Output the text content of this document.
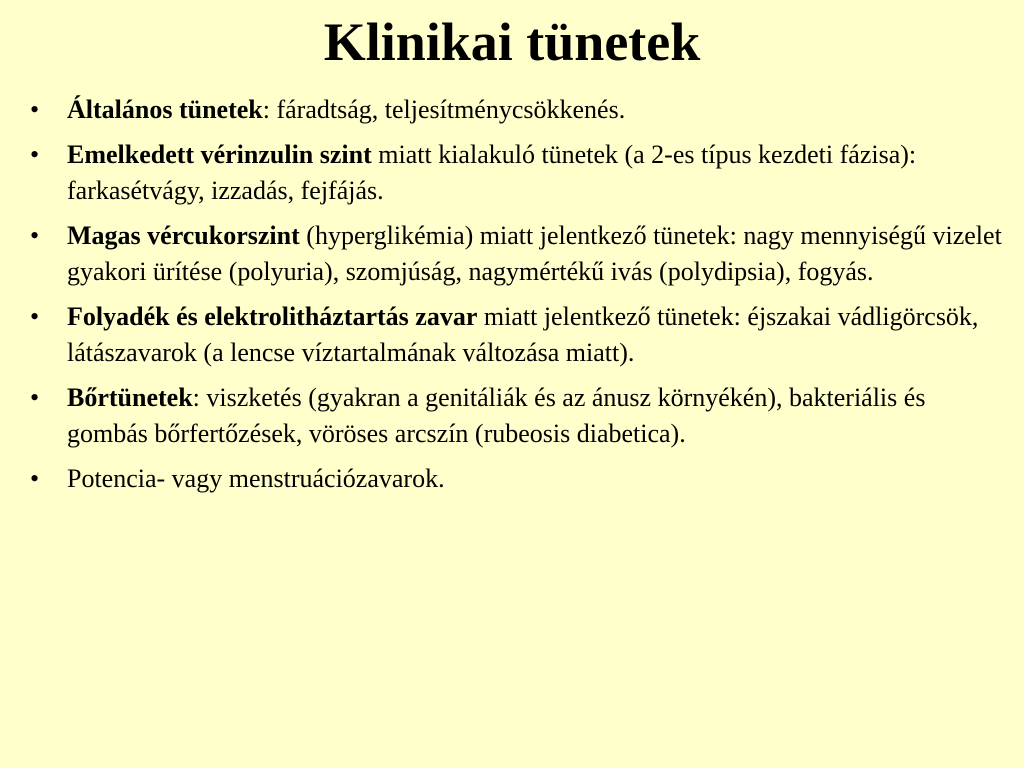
Klinikai tünetek
•	Általános tünetek: fáradtság, teljesítménycsökkenés.
•	Emelkedett vérinzulin szint miatt kialakuló tünetek (a 2-es típus kezdeti fázisa): farkasétvágy, izzadás, fejfájás.
•	Magas vércukorszint (hyperglikémia) miatt jelentkező tünetek: nagy mennyiségű vizelet gyakori ürítése (polyuria), szomjúság, nagymértékű ivás (polydipsia), fogyás.
•	Folyadék és elektrolitháztartás zavar miatt jelentkező tünetek: éjszakai vádligörcsök, látászavarok (a lencse víztartalmának változása miatt).
•	Bőrtünetek: viszketés (gyakran a genitáliák és az ánusz környékén), bakteriális és gombás bőrfertőzések, vöröses arcszín (rubeosis diabetica).
•	Potencia- vagy menstruációzavarok.
